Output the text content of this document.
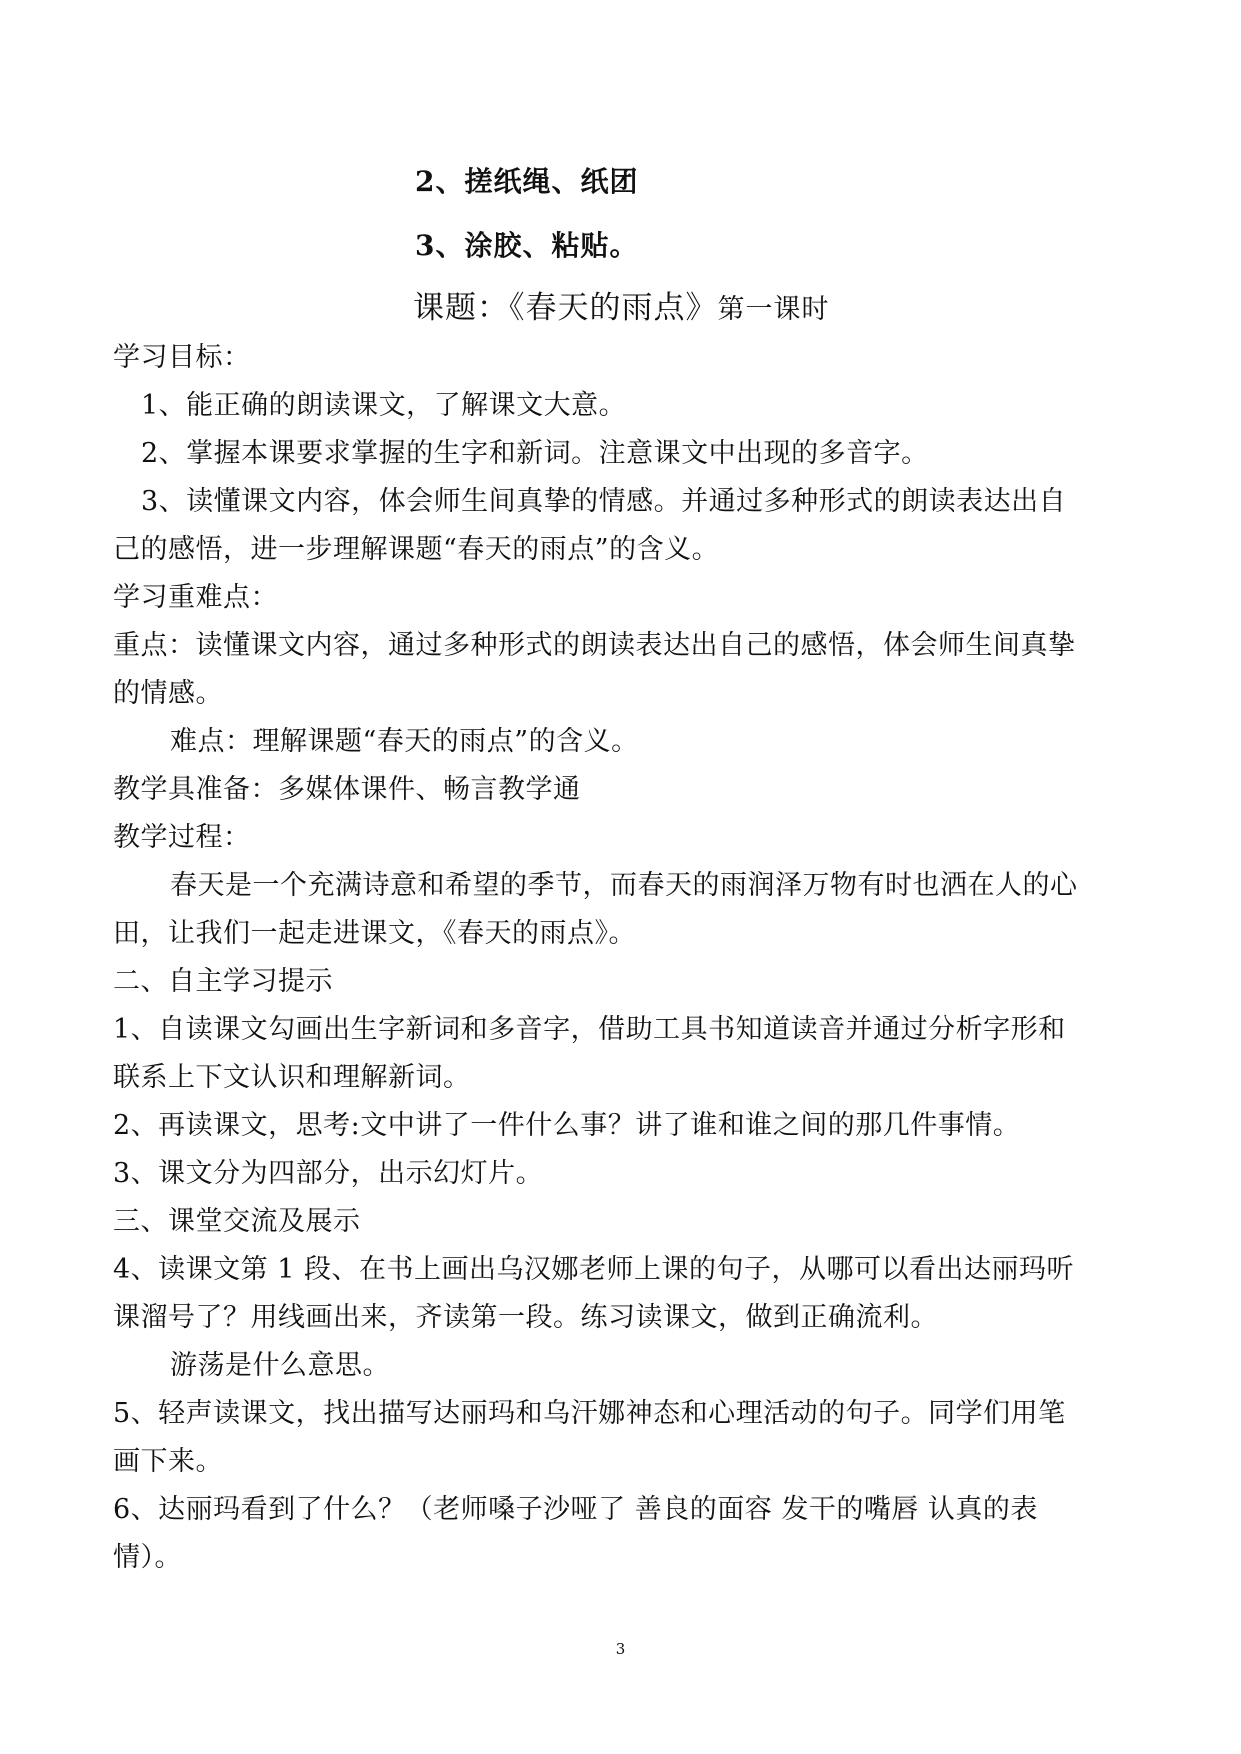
2、搓纸绳、纸团
3、涂胶、粘贴。
课题：《春天的雨点》第一课时
学习目标：
1、能正确的朗读课文，了解课文大意。
2、掌握本课要求掌握的生字和新词。注意课文中出现的多音字。
3、读懂课文内容，体会师生间真挚的情感。并通过多种形式的朗读表达出自
己的感悟，进一步理解课题“春天的雨点”的含义。
学习重难点：
重点：读懂课文内容，通过多种形式的朗读表达出自己的感悟，体会师生间真挚
的情感。
难点：理解课题“春天的雨点”的含义。
教学具准备：多媒体课件、畅言教学通
教学过程：
春天是一个充满诗意和希望的季节，而春天的雨润泽万物有时也洒在人的心
田，让我们一起走进课文，《春天的雨点》。
二、自主学习提示
1、自读课文勾画出生字新词和多音字，借助工具书知道读音并通过分析字形和
联系上下文认识和理解新词。
2、再读课文，思考:文中讲了一件什么事？讲了谁和谁之间的那几件事情。
3、课文分为四部分，出示幻灯片。
三、课堂交流及展示
4、读课文第 1 段、在书上画出乌汉娜老师上课的句子，从哪可以看出达丽玛听
课溜号了？用线画出来，齐读第一段。练习读课文，做到正确流利。
游荡是什么意思。
5、轻声读课文，找出描写达丽玛和乌汗娜神态和心理活动的句子。同学们用笔
画下来。
6、达丽玛看到了什么？（老师嗓子沙哑了 善良的面容 发干的嘴唇 认真的表
情）。
3
